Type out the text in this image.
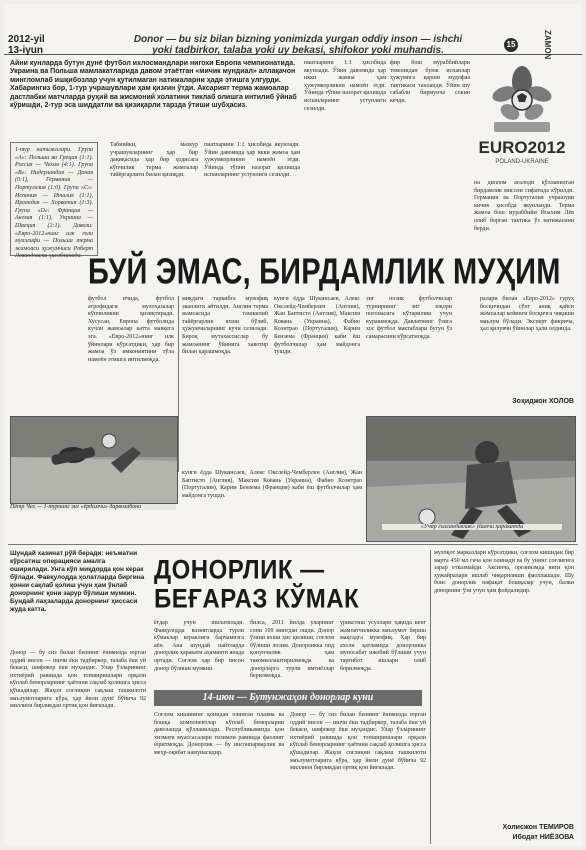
2012-yil
13-iyun
Donor — bu siz bilan bizning yonimizda yurgan oddiy inson — ishchi
yoki tadbirkor, talaba yoki uy bekasi, shifokor yoki muhandis.
15	ZAMON
Айни кунларда бутун дунё футбол ихлосмандлари нигохи Европа чемпионатида. Украина ва Польша мамлакатларида давом этаётган «мичик мундиал» аллақачон мингломлаб ишқибозлар учун қутилмаган натижаларни ҳадя этишга улгурди. Хабарингиз бор, 1-тур учрашувлари ҳам қизғин ўтди. Аксарият терма жамоалар дастлабки матчларда руҳий ва жисмоний холатини тиклаб олишга интилиб ўйнаб кўришди, 2-тур эса шиддатли ва қизиқарли тарзда ўтиши шубҳасиз.
1-тур натижалари. Група «А»: Польша ва Греция (1:1). Россия — Чехия (4:1). Група «В»: Нидерландия — Дания (0:1), Германия — Португалия (1:0). Група «С»: Испания — Италия (1:1), Ирландия — Хорватия (1:3). Група «D»: Франция — Англия (1:1), Украина — Швеция (2:1). Даволи: «Евро-2012»нинг илк голи муаллифи — Польша терма жамоаси ҳужумчиси Роберт Левандовски ҳисобланади.
Табиийки, мазкур учрашувларнинг ҳар бир дақиқасида ҳар бир ҳодисага кўпчилик терма жамоалар тайёргарлиги билан қизиқди.
пиатларини 1:1 ҳисобида якунлади. Ўйин давомида ҳар икки жамоа ҳам ҳужумкорликни намоён этди. Ўйинда тўпни назорат қилишда испанларнинг устунлиги сезилди.
пиатларини 1:1 ҳисобида якунлади. Ўйин давомида ҳар икки жамоа ҳам ҳужумкорликни намоён этди. Ўйинда тўпни назорат қилишда испанларнинг устунлиги сезилди.
фир бош мураббийлари томонидан буюк испанлар ҳужумига қарши мудофаа тактикаси танланди. Ўйин шу сабабли бирмунча сокин кечди.
EURO2012
POLAND-UKRAINE
на диплом ағалоди қўлланилган бирдамлик мисоли сифатида кўрилди. Германия ва Португалия учрашуви кичик ҳисобда якунланди. Терма жамоа бош мураббийи Йоахим Лёв олиб борган тактика ўз натижасини берди.
БУЙ ЭМАС, БИРДАМЛИК МУҲИМ
футбол ичида, футбол атрофидаги мулоҳазалар кўпчиликни қизиқтиради. Хусусан, Европа футболида кучли жамоалар катта мавқега эга. «Евро-2012»нинг илк ўйинлари кўрсатдики, ҳар бир жамоа ўз имкониятини тўла намоён этишга интилмоқда.
микдаги таркибга мувофиқ эканлиги айтилди. Англия терма жамоасида ташкилий тайёргарлик яхши бўлиб, ҳужумчиларнинг кучи сезилади. Бироқ мутахассислар бу жамоанинг ўйинига хавотир билан қарашмоқда.
кунги ёдда Шукинсаев, Алекс Окслейд-Чемберлен (Англия), Жан Баптисто (Англия), Максим Ковань (Украина), Фабио Коэнтрао (Португалия), Карим Бензема (Франция) каби ёш футболчилар ҳам майдонга тушди.
энг нозик футболчилар турнирнинг энг юқори поғонасига кўтарилиш учун курашмоқда. Давлатнинг ўзига хос футбол мактаблари бугун ўз самарасини кўрсатмоқда.
ралари билан «Евро-2012» гуруҳ босқичидан сўнг аниқ қайси жамоалар кейинги босқичга чиқиши маълум бўлади. Эксперт фикрича, ҳал қилувчи ўйинлар ҳали олдинда.
Зоҳиджон ХОЛОВ
Пётр Чех — 1-турнинг энг «ёрдамчи» дарвозабони
«Учар голландиялик» ўйинчи ҳаракатда
кунги ёдда Шукинсаев, Алекс Окслейд-Чемберлен (Англия), Жан Баптисто (Англия), Максим Ковань (Украина), Фабио Коэнтрао (Португалия), Карим Бензема (Франция) каби ёш футболчилар ҳам майдонга тушди.
Шундай хазинат рўй беради: неъматни кўрсатиш операцияси амалга оширилади. Унга кўп миқдорда қон керак бўлади. Фавқулодда ҳолатларда биргина қонни сақлаб қолиш учун ҳам ўнлаб донорнинг қони зарур бўлиши мумкин. Бундай лаҳзаларда донорнинг ҳиссаси жуда катта.
ДОНОРЛИК —
БЕҒАРАЗ КЎМАК
Донор — бу сиз билан бизнинг ёнимизда юрган оддий инсон — ишчи ёки тадбиркор, талаба ёки уй бекаси, шифокор ёки муҳандис. Улар ўзларининг ихтиёрий равишда қон топширишлари орқали кўплаб беморларнинг ҳаётини сақлаб қолишга ҳисса қўшадилар. Жаҳон соғлиқни сақлаш ташкилоти маълумотларига кўра, ҳар йили дунё бўйича 92 миллион бирликдан ортиқ қон йиғилади.
ёғдар учун ишлатилади. Фавқулодда вазиятларда турли кўмаклар кераклиги барчамизга аён. Ана шундай пайтларда донорлик ҳаракати аҳамияти янада ортади. Соғлом ҳар бир инсон донор бўлиши мумкин.
билса, 2011 йилда уларнинг сони 109 мингдан ошди. Донор ўзини яхши ҳис қилиши, соғлом бўлиши лозим. Донорликка оид қонунчилик ҳам такомиллаштирилмоқда ва донорларга турли имтиёзлар берилмоқда.
урикстиш усуллари ҳақида кенг жамоатчиликка маълумот бериш мақсадга мувофиқ. Ҳар бир ахоли қатламида донорликка муносабат ижобий бўлиши учун тарғибот ишлари олиб борилмоқда.
14-июн — Бутунжаҳон донорлар куни
Соғлом кишининг қонидан олинган плазма ва бошқа компонентлар кўплаб беморларни даволашда қўлланилади. Республикамизда қон хизмати муассасалари тизимли равишда фаолият юритмоқда. Донорлик — бу инсонпарварлик ва меҳр-оқибат намунасидир.
Донор — бу сиз билан бизнинг ёнимизда юрган оддий инсон — ишчи ёки тадбиркор, талаба ёки уй бекаси, шифокор ёки муҳандис. Улар ўзларининг ихтиёрий равишда қон топширишлари орқали кўплаб беморларнинг ҳаётини сақлаб қолишга ҳисса қўшадилар. Жаҳон соғлиқни сақлаш ташкилоти маълумотларига кўра, ҳар йили дунё бўйича 92 миллион бирликдан ортиқ қон йиғилади.
мулоқот марказлари кўрсатдики, соғлом кишидан бир марта 450 мл гача қон олинади ва бу унинг соғлиғига зарар етказмайди. Аксинча, организмда янги қон ҳужайралари ишлаб чиқарилиши фаоллашади. Шу боис донорлик нафақат бошқалар учун, балки донорнинг ўзи учун ҳам фойдалидир.
Холисжон ТЕМИРОВ
Ибодат НИЁЗОВА
